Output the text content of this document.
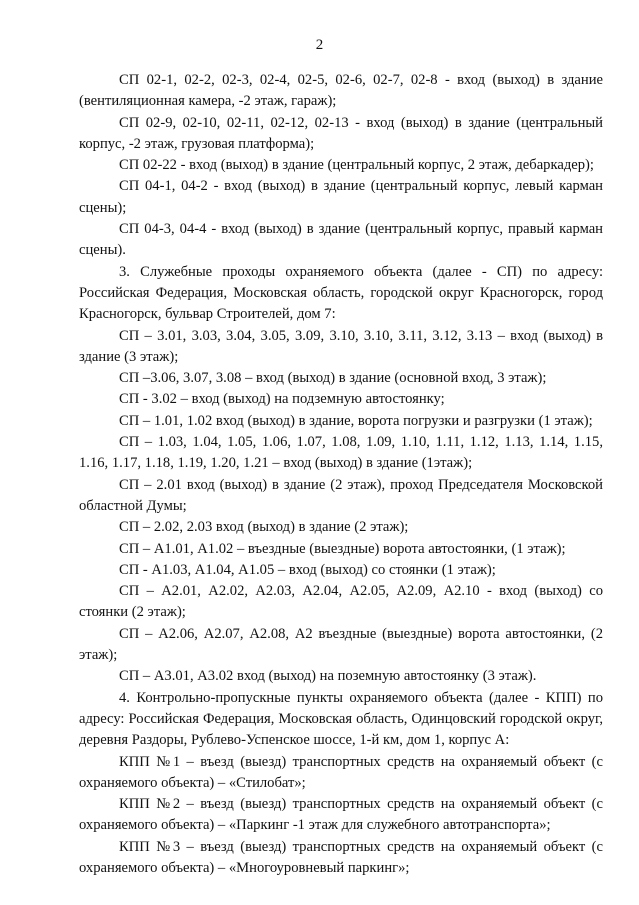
2

СП 02-1, 02-2, 02-3, 02-4, 02-5, 02-6, 02-7, 02-8 - вход (выход) в здание (вентиляционная камера, -2 этаж, гараж);

СП 02-9, 02-10, 02-11, 02-12, 02-13 - вход (выход) в здание (центральный корпус, -2 этаж, грузовая платформа);

СП 02-22 - вход (выход) в здание (центральный корпус, 2 этаж, дебаркадер);

СП 04-1, 04-2 - вход (выход) в здание (центральный корпус, левый карман сцены);

СП 04-3, 04-4 - вход (выход) в здание (центральный корпус, правый карман сцены).

3. Служебные проходы охраняемого объекта (далее - СП) по адресу: Российская Федерация, Московская область, городской округ Красногорск, город Красногорск, бульвар Строителей, дом 7:

СП – 3.01, 3.03, 3.04, 3.05, 3.09, 3.10, 3.10, 3.11, 3.12, 3.13 – вход (выход) в здание (3 этаж);

СП –3.06, 3.07, 3.08 – вход (выход) в здание (основной вход, 3 этаж);

СП - 3.02 – вход (выход) на подземную автостоянку;

СП – 1.01, 1.02 вход (выход) в здание, ворота погрузки и разгрузки (1 этаж);

СП – 1.03, 1.04, 1.05, 1.06, 1.07, 1.08, 1.09, 1.10, 1.11, 1.12, 1.13, 1.14, 1.15, 1.16, 1.17, 1.18, 1.19, 1.20, 1.21 – вход (выход) в здание (1этаж);

СП – 2.01 вход (выход) в здание (2 этаж), проход Председателя Московской областной Думы;

СП – 2.02, 2.03 вход (выход) в здание (2 этаж);

СП – А1.01, А1.02 – въездные (выездные) ворота автостоянки, (1 этаж);

СП - А1.03, А1.04, А1.05 – вход (выход) со стоянки (1 этаж);

СП – А2.01, А2.02, А2.03, А2.04, А2.05, А2.09, А2.10 - вход (выход) со стоянки (2 этаж);

СП – А2.06, А2.07, А2.08, А2 въездные (выездные) ворота автостоянки, (2 этаж);

СП – А3.01, А3.02 вход (выход) на поземную автостоянку (3 этаж).

4. Контрольно-пропускные пункты охраняемого объекта (далее - КПП) по адресу: Российская Федерация, Московская область, Одинцовский городской округ, деревня Раздоры, Рублево-Успенское шоссе, 1-й км, дом 1, корпус А:

КПП №1 – въезд (выезд) транспортных средств на охраняемый объект (с охраняемого объекта) – «Стилобат»;

КПП №2 – въезд (выезд) транспортных средств на охраняемый объект (с охраняемого объекта) – «Паркинг -1 этаж для служебного автотранспорта»;

КПП №3 – въезд (выезд) транспортных средств на охраняемый объект (с охраняемого объекта) – «Многоуровневый паркинг»;
